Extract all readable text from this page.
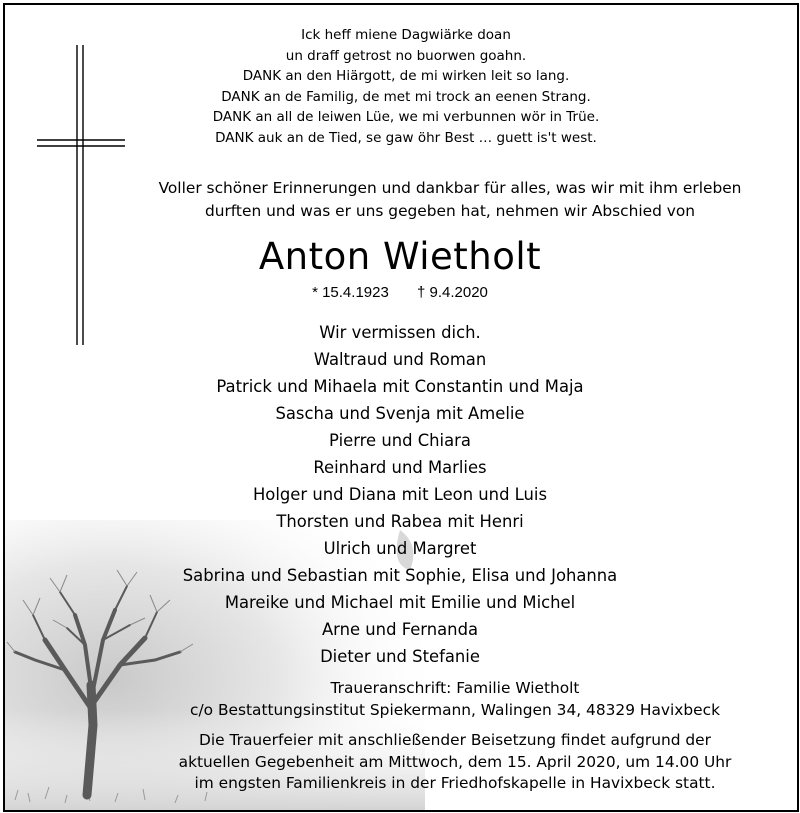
Ick heff miene Dagwiärke doan
un draff getrost no buorwen goahn.
DANK an den Hiärgott, de mi wirken leit so lang.
DANK an de Familig, de met mi trock an eenen Strang.
DANK an all de leiwen Lüe, we mi verbunnen wör in Trüe.
DANK auk an de Tied, se gaw öhr Best … guett is't west.
Voller schöner Erinnerungen und dankbar für alles, was wir mit ihm erleben
durften und was er uns gegeben hat, nehmen wir Abschied von
Anton Wietholt
* 15.4.1923 † 9.4.2020
Wir vermissen dich.
Waltraud und Roman
Patrick und Mihaela mit Constantin und Maja
Sascha und Svenja mit Amelie
Pierre und Chiara
Reinhard und Marlies
Holger und Diana mit Leon und Luis
Thorsten und Rabea mit Henri
Ulrich und Margret
Sabrina und Sebastian mit Sophie, Elisa und Johanna
Mareike und Michael mit Emilie und Michel
Arne und Fernanda
Dieter und Stefanie
Traueranschrift: Familie Wietholt
c/o Bestattungsinstitut Spiekermann, Walingen 34, 48329 Havixbeck
Die Trauerfeier mit anschließender Beisetzung findet aufgrund der
aktuellen Gegebenheit am Mittwoch, dem 15. April 2020, um 14.00 Uhr
im engsten Familienkreis in der Friedhofskapelle in Havixbeck statt.
